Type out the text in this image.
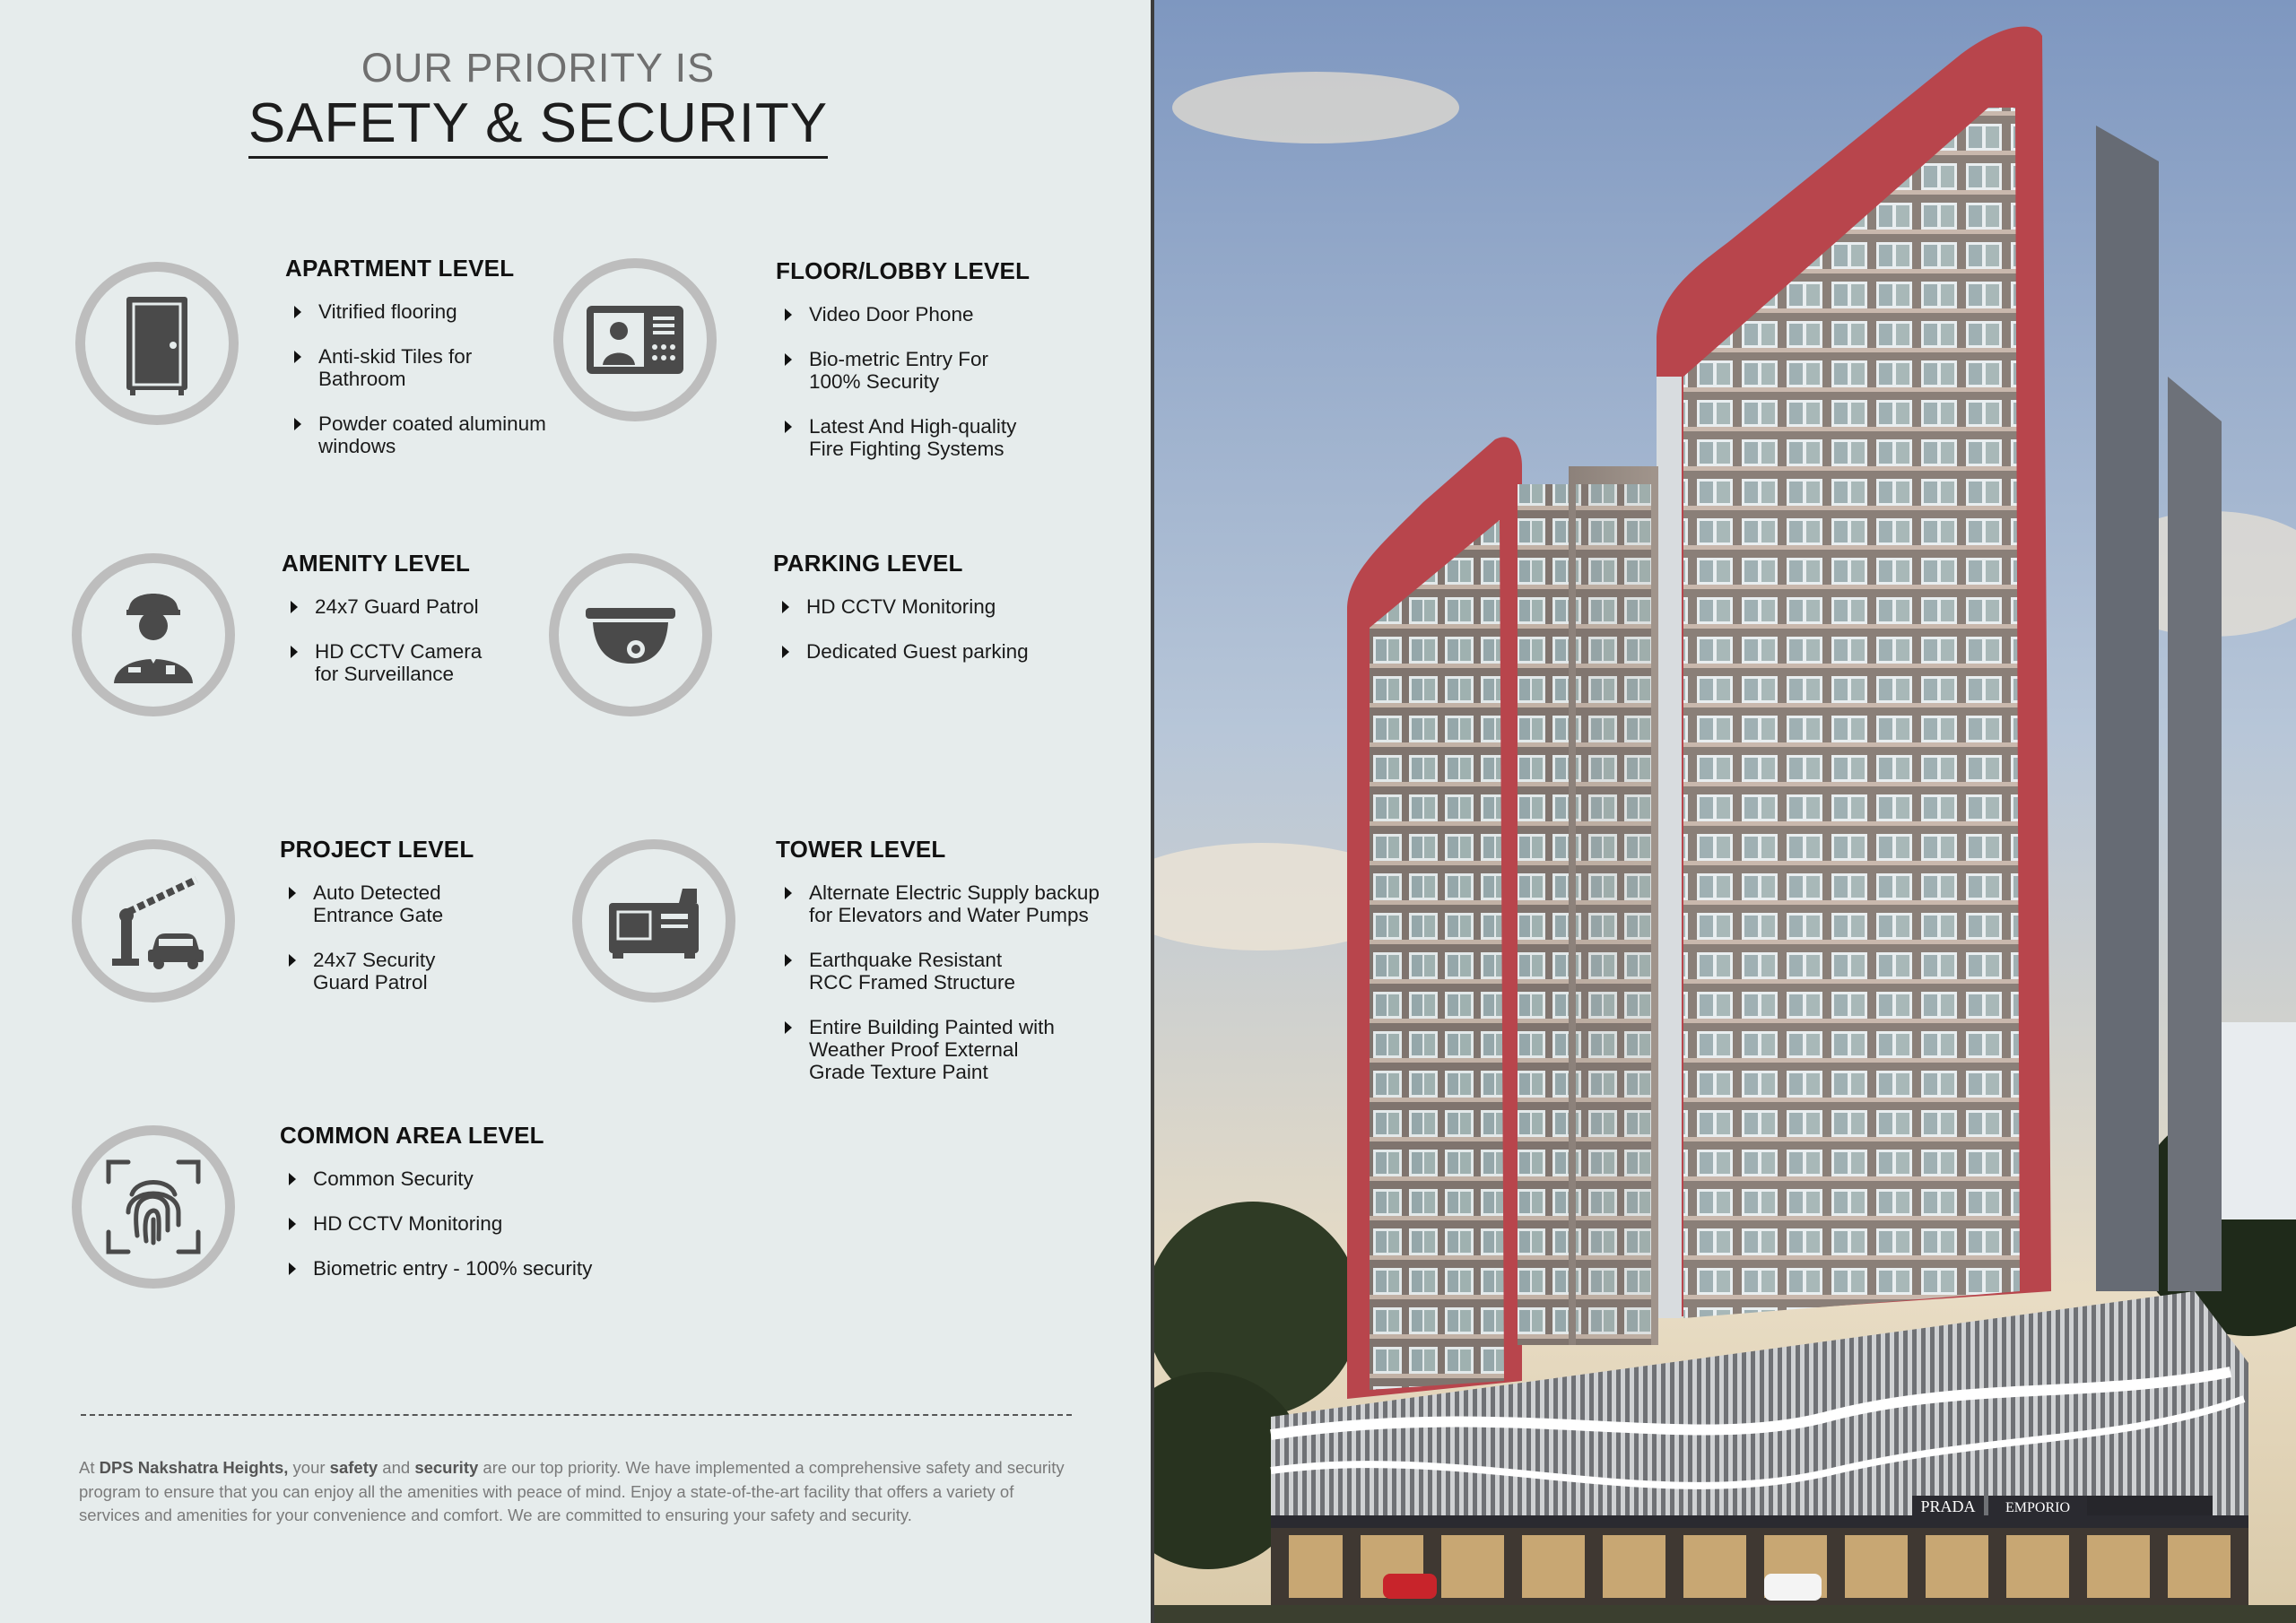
OUR PRIORITY IS
SAFETY & SECURITY
APARTMENT LEVEL
Vitrified flooring
Anti-skid Tiles for Bathroom
Powder coated aluminum windows
FLOOR/LOBBY LEVEL
Video Door Phone
Bio-metric Entry For 100% Security
Latest And High-quality Fire Fighting Systems
AMENITY LEVEL
24x7 Guard Patrol
HD CCTV Camera for Surveillance
PARKING LEVEL
HD CCTV Monitoring
Dedicated Guest parking
PROJECT LEVEL
Auto Detected Entrance Gate
24x7 Security Guard Patrol
TOWER LEVEL
Alternate Electric Supply backup for Elevators and Water Pumps
Earthquake Resistant RCC Framed Structure
Entire Building Painted with Weather Proof External Grade Texture Paint
COMMON AREA LEVEL
Common Security
HD CCTV Monitoring
Biometric entry - 100% security

At DPS Nakshatra Heights, your safety and security are our top priority. We have implemented a comprehensive safety and security program to ensure that you can enjoy all the amenities with peace of mind. Enjoy a state-of-the-art facility that offers a variety of services and amenities for your convenience and comfort. We are committed to ensuring your safety and security.	PRADA EMPORIO
